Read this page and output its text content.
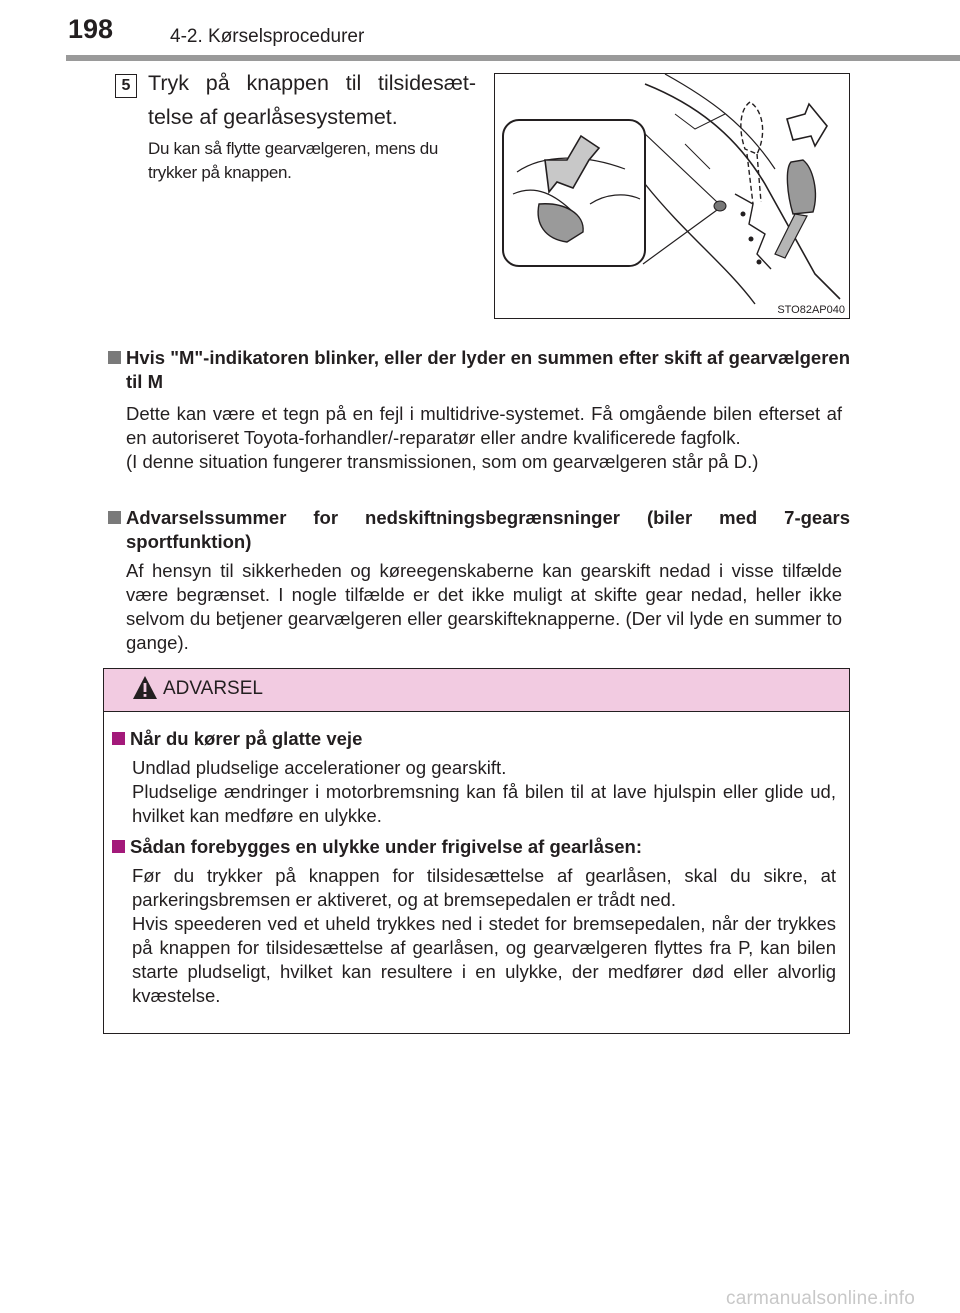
198	4-2. Kørselsprocedurer
5 Tryk på knappen til tilsidesæt-telse af gearlåsesystemet.
Du kan så flytte gearvælgeren, mens du trykker på knappen.
STO82AP040
Hvis "M"-indikatoren blinker, eller der lyder en summen efter skift af gearvælgeren til M
Dette kan være et tegn på en fejl i multidrive-systemet. Få omgående bilen efterset af en autoriseret Toyota-forhandler/-reparatør eller andre kvalificerede fagfolk.
(I denne situation fungerer transmissionen, som om gearvælgeren står på D.)
Advarselssummer for nedskiftningsbegrænsninger (biler med 7-gears sportfunktion)
Af hensyn til sikkerheden og køreegenskaberne kan gearskift nedad i visse tilfælde være begrænset. I nogle tilfælde er det ikke muligt at skifte gear nedad, heller ikke selvom du betjener gearvælgeren eller gearskifteknapperne. (Der vil lyde en summer to gange).
ADVARSEL
Når du kører på glatte veje
Undlad pludselige accelerationer og gearskift.
Pludselige ændringer i motorbremsning kan få bilen til at lave hjulspin eller glide ud, hvilket kan medføre en ulykke.
Sådan forebygges en ulykke under frigivelse af gearlåsen:
Før du trykker på knappen for tilsidesættelse af gearlåsen, skal du sikre, at parkeringsbremsen er aktiveret, og at bremsepedalen er trådt ned.
Hvis speederen ved et uheld trykkes ned i stedet for bremsepedalen, når der trykkes på knappen for tilsidesættelse af gearlåsen, og gearvælgeren flyttes fra P, kan bilen starte pludseligt, hvilket kan resultere i en ulykke, der medfører død eller alvorlig kvæstelse.
carmanualsonline.info
